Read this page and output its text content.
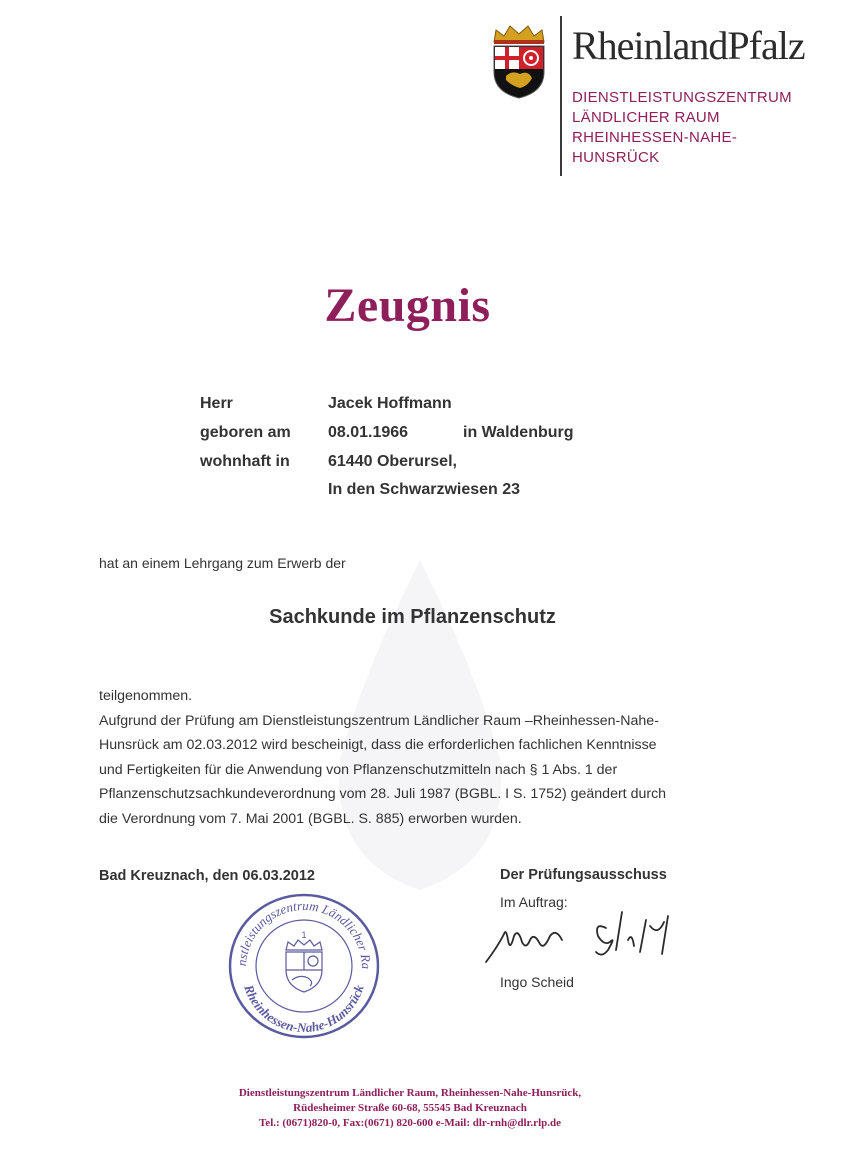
RheinlandPfalz
DIENSTLEISTUNGSZENTRUM
LÄNDLICHER RAUM
RHEINHESSEN-NAHE-
HUNSRÜCK
Zeugnis
Herr	Jacek Hoffmann
geboren am 08.01.1966	in Waldenburg
wohnhaft in 61440 Oberursel,
In den Schwarzwiesen 23
hat an einem Lehrgang zum Erwerb der
Sachkunde im Pflanzenschutz
teilgenommen.
Aufgrund der Prüfung am Dienstleistungszentrum Ländlicher Raum –Rheinhessen-Nahe-
Hunsrück am 02.03.2012 wird bescheinigt, dass die erforderlichen fachlichen Kenntnisse
und Fertigkeiten für die Anwendung von Pflanzenschutzmitteln nach § 1 Abs. 1 der
Pflanzenschutzsachkundeverordnung vom 28. Juli 1987 (BGBL. I S. 1752) geändert durch
die Verordnung vom 7. Mai 2001 (BGBL. S. 885) erworben wurden.
Bad Kreuznach, den 06.03.2012	Der Prüfungsausschuss
Im Auftrag:
Ingo Scheid
nstleistungszentrum Ländlicher Ra
Rheinhessen-Nahe-Hunsrück
1
Dienstleistungszentrum Ländlicher Raum, Rheinhessen-Nahe-Hunsrück,
Rüdesheimer Straße 60-68, 55545 Bad Kreuznach
Tel.: (0671)820-0, Fax:(0671) 820-600 e-Mail: dlr-rnh@dlr.rlp.de
